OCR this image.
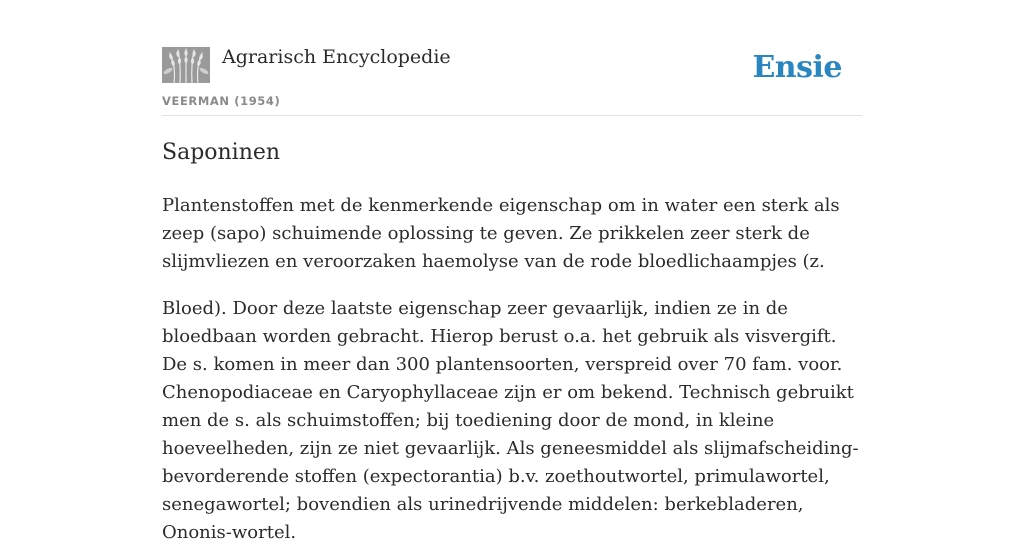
Agrarisch Encyclopedie
VEERMAN (1954)
Ensie
Saponinen

Plantenstoffen met de kenmerkende eigenschap om in water een sterk als zeep (sapo) schuimende oplossing te geven. Ze prikkelen zeer sterk de slijmvliezen en veroorzaken haemolyse van de rode bloedlichaampjes (z.

Bloed). Door deze laatste eigenschap zeer gevaarlijk, indien ze in de bloedbaan worden gebracht. Hierop berust o.a. het gebruik als visvergift. De s. komen in meer dan 300 plantensoorten, verspreid over 70 fam. voor. Chenopodiaceae en Caryophyllaceae zijn er om bekend. Technisch gebruikt men de s. als schuimstoffen; bij toediening door de mond, in kleine hoeveelheden, zijn ze niet gevaarlijk. Als geneesmiddel als slijmafscheiding-bevorderende stoffen (expectorantia) b.v. zoethoutwortel, primulawortel, senegawortel; bovendien als urinedrijvende middelen: berkebladeren, Ononis-wortel.
